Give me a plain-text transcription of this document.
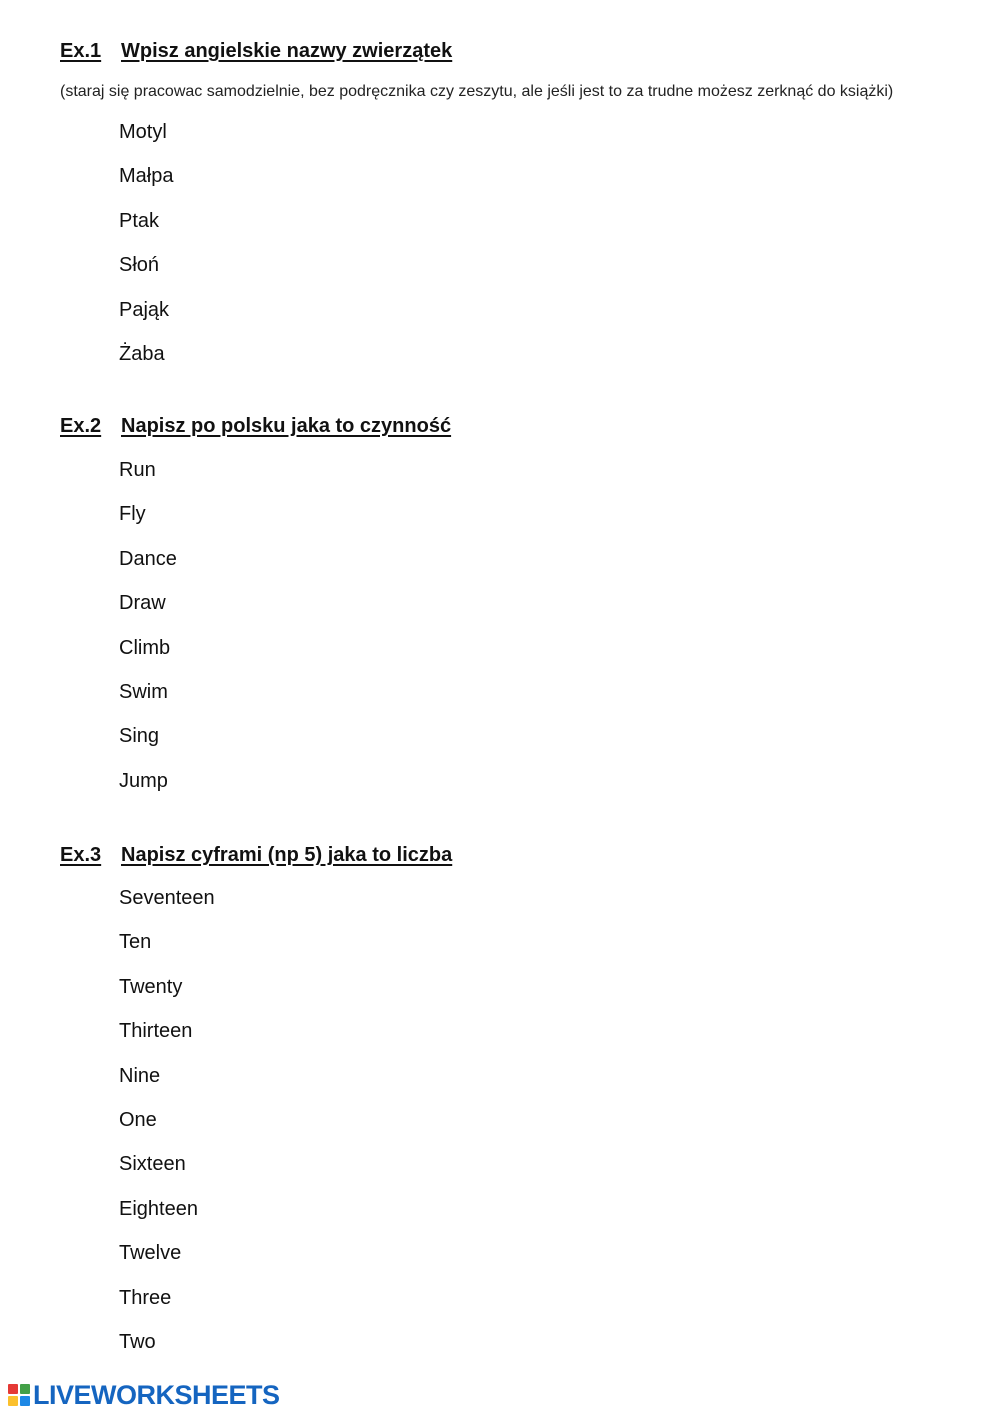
Ex.1 Wpisz angielskie nazwy zwierzątek
(staraj się pracowac samodzielnie, bez podręcznika czy zeszytu, ale jeśli jest to za trudne możesz zerknąć do książki)
Motyl
Małpa
Ptak
Słoń
Pająk
Żaba
Ex.2 Napisz po polsku jaka to czynność
Run
Fly
Dance
Draw
Climb
Swim
Sing
Jump
Ex.3 Napisz cyframi (np 5) jaka to liczba
Seventeen
Ten
Twenty
Thirteen
Nine
One
Sixteen
Eighteen
Twelve
Three
Two
LIVEWORKSHEETS
